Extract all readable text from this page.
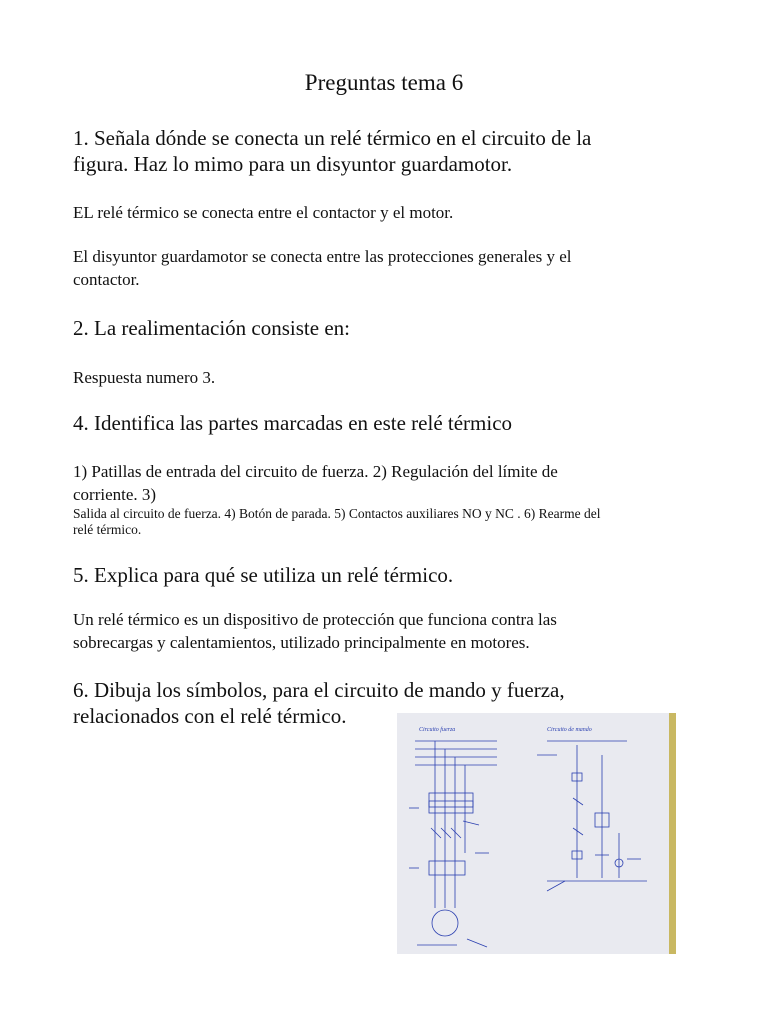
Preguntas tema 6
1. Señala dónde se conecta un relé térmico en el circuito de la
figura. Haz lo mimo para un disyuntor guardamotor.
EL relé térmico se conecta entre el contactor y el motor.
El disyuntor guardamotor se conecta entre las protecciones generales y el
contactor.
2. La realimentación consiste en:
Respuesta numero 3.
4. Identifica las partes marcadas en este relé térmico
1) Patillas de entrada del circuito de fuerza. 2) Regulación del límite de
corriente. 3)
Salida al circuito de fuerza. 4) Botón de parada. 5) Contactos auxiliares NO y NC . 6) Rearme del
relé térmico.
5. Explica para qué se utiliza un relé térmico.
Un relé térmico es un dispositivo de protección que funciona contra las
sobrecargas y calentamientos, utilizado principalmente en motores.
6. Dibuja los símbolos, para el circuito de mando y fuerza,
relacionados con el relé térmico.
Circuito fuerza	Circuito de mando
